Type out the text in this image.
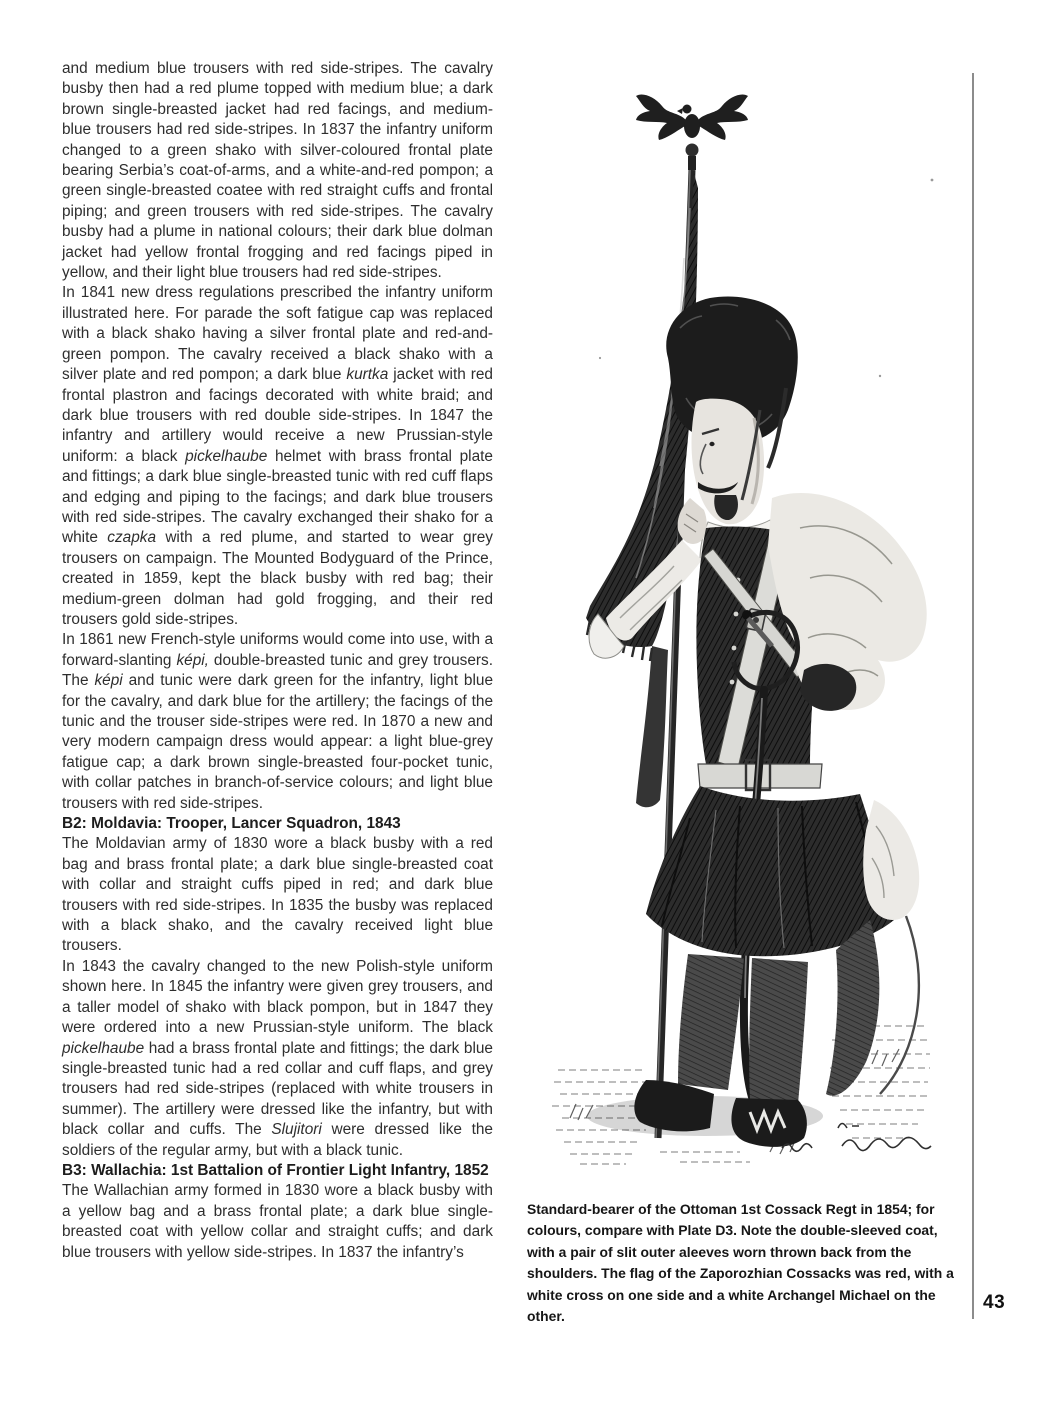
and medium blue trousers with red side-stripes. The cavalry busby then had a red plume topped with medium blue; a dark brown single-breasted jacket had red facings, and medium-blue trousers had red side-stripes. In 1837 the infantry uniform changed to a green shako with silver-coloured frontal plate bearing Serbia’s coat-of-arms, and a white-and-red pompon; a green single-breasted coatee with red straight cuffs and frontal piping; and green trousers with red side-stripes. The cavalry busby had a plume in national colours; their dark blue dolman jacket had yellow frontal frogging and red facings piped in yellow, and their light blue trousers had red side-stripes.

In 1841 new dress regulations prescribed the infantry uniform illustrated here. For parade the soft fatigue cap was replaced with a black shako having a silver frontal plate and red-and-green pompon. The cavalry received a black shako with a silver plate and red pompon; a dark blue kurtka jacket with red frontal plastron and facings decorated with white braid; and dark blue trousers with red double side-stripes. In 1847 the infantry and artillery would receive a new Prussian-style uniform: a black pickelhaube helmet with brass frontal plate and fittings; a dark blue single-breasted tunic with red cuff flaps and edging and piping to the facings; and dark blue trousers with red side-stripes. The cavalry exchanged their shako for a white czapka with a red plume, and started to wear grey trousers on campaign. The Mounted Bodyguard of the Prince, created in 1859, kept the black busby with red bag; their medium-green dolman had gold frogging, and their red trousers gold side-stripes.

In 1861 new French-style uniforms would come into use, with a forward-slanting képi, double-breasted tunic and grey trousers. The képi and tunic were dark green for the infantry, light blue for the cavalry, and dark blue for the artillery; the facings of the tunic and the trouser side-stripes were red. In 1870 a new and very modern campaign dress would appear: a light blue-grey fatigue cap; a dark brown single-breasted four-pocket tunic, with collar patches in branch-of-service colours; and light blue trousers with red side-stripes.

B2: Moldavia: Trooper, Lancer Squadron, 1843

The Moldavian army of 1830 wore a black busby with a red bag and brass frontal plate; a dark blue single-breasted coat with collar and straight cuffs piped in red; and dark blue trousers with red side-stripes. In 1835 the busby was replaced with a black shako, and the cavalry received light blue trousers.

In 1843 the cavalry changed to the new Polish-style uniform shown here. In 1845 the infantry were given grey trousers, and a taller model of shako with black pompon, but in 1847 they were ordered into a new Prussian-style uniform. The black pickelhaube had a brass frontal plate and fittings; the dark blue single-breasted tunic had a red collar and cuff flaps, and grey trousers had red side-stripes (replaced with white trousers in summer). The artillery were dressed like the infantry, but with black collar and cuffs. The Slujitori were dressed like the soldiers of the regular army, but with a black tunic.

B3: Wallachia: 1st Battalion of Frontier Light Infantry, 1852

The Wallachian army formed in 1830 wore a black busby with a yellow bag and a brass frontal plate; a dark blue single-breasted coat with yellow collar and straight cuffs; and dark blue trousers with yellow side-stripes. In 1837 the infantry’s

Standard-bearer of the Ottoman 1st Cossack Regt in 1854; for colours, compare with Plate D3. Note the double-sleeved coat, with a pair of slit outer aleeves worn thrown back from the shoulders. The flag of the Zaporozhian Cossacks was red, with a white cross on one side and a white Archangel Michael on the other.
43
